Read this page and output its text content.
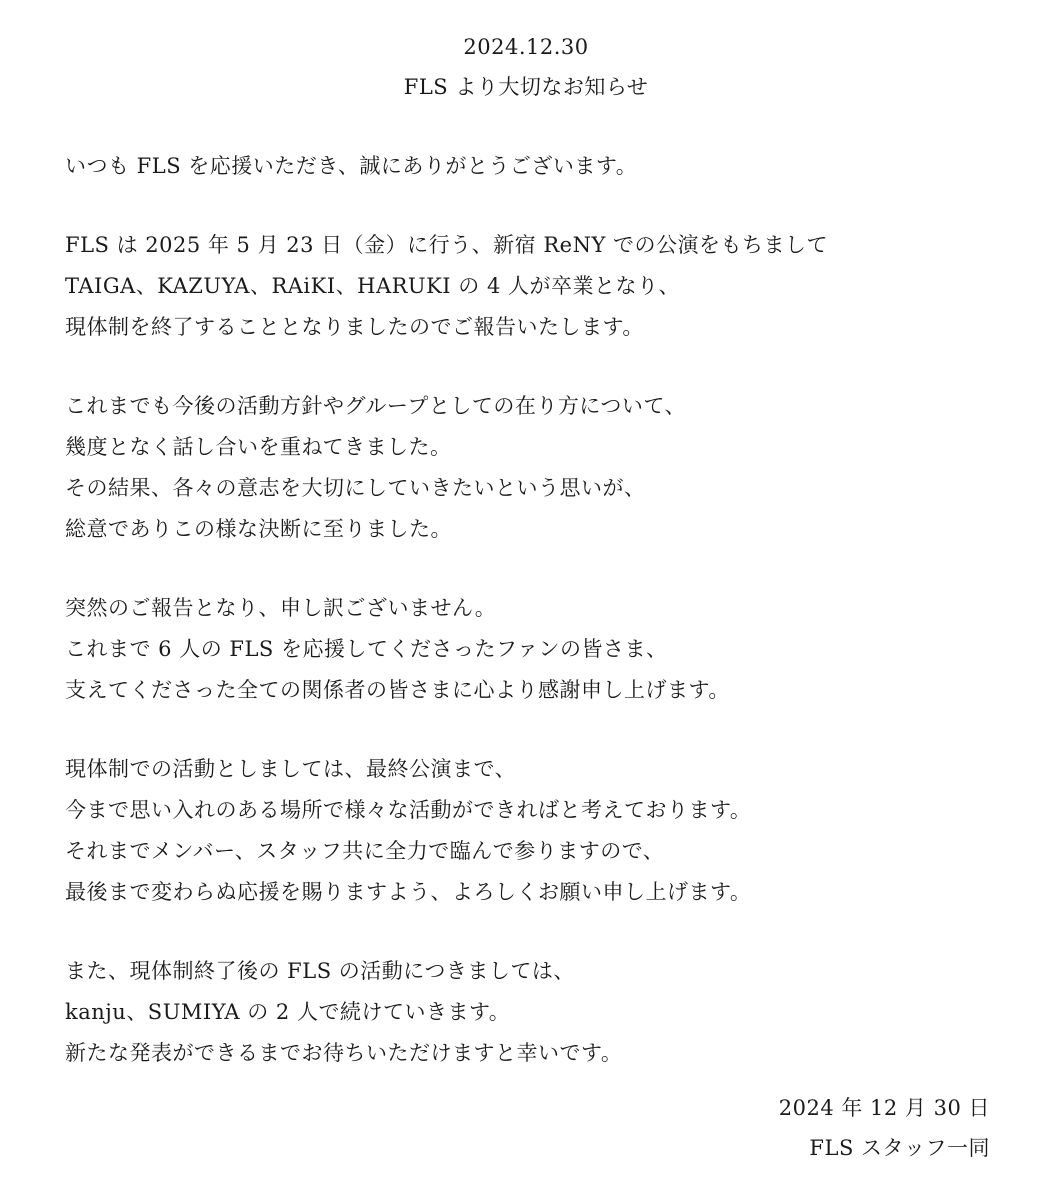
2024.12.30
FLS より大切なお知らせ
いつも FLS を応援いただき、誠にありがとうございます。
FLS は 2025 年 5 月 23 日（金）に行う、新宿 ReNY での公演をもちまして
TAIGA、KAZUYA、RAiKI、HARUKI の 4 人が卒業となり、
現体制を終了することとなりましたのでご報告いたします。
これまでも今後の活動方針やグループとしての在り方について、
幾度となく話し合いを重ねてきました。
その結果、各々の意志を大切にしていきたいという思いが、
総意でありこの様な決断に至りました。
突然のご報告となり、申し訳ございません。
これまで 6 人の FLS を応援してくださったファンの皆さま、
支えてくださった全ての関係者の皆さまに心より感謝申し上げます。
現体制での活動としましては、最終公演まで、
今まで思い入れのある場所で様々な活動ができればと考えております。
それまでメンバー、スタッフ共に全力で臨んで参りますので、
最後まで変わらぬ応援を賜りますよう、よろしくお願い申し上げます。
また、現体制終了後の FLS の活動につきましては、
kanju、SUMIYA の 2 人で続けていきます。
新たな発表ができるまでお待ちいただけますと幸いです。
2024 年 12 月 30 日
FLS スタッフ一同
